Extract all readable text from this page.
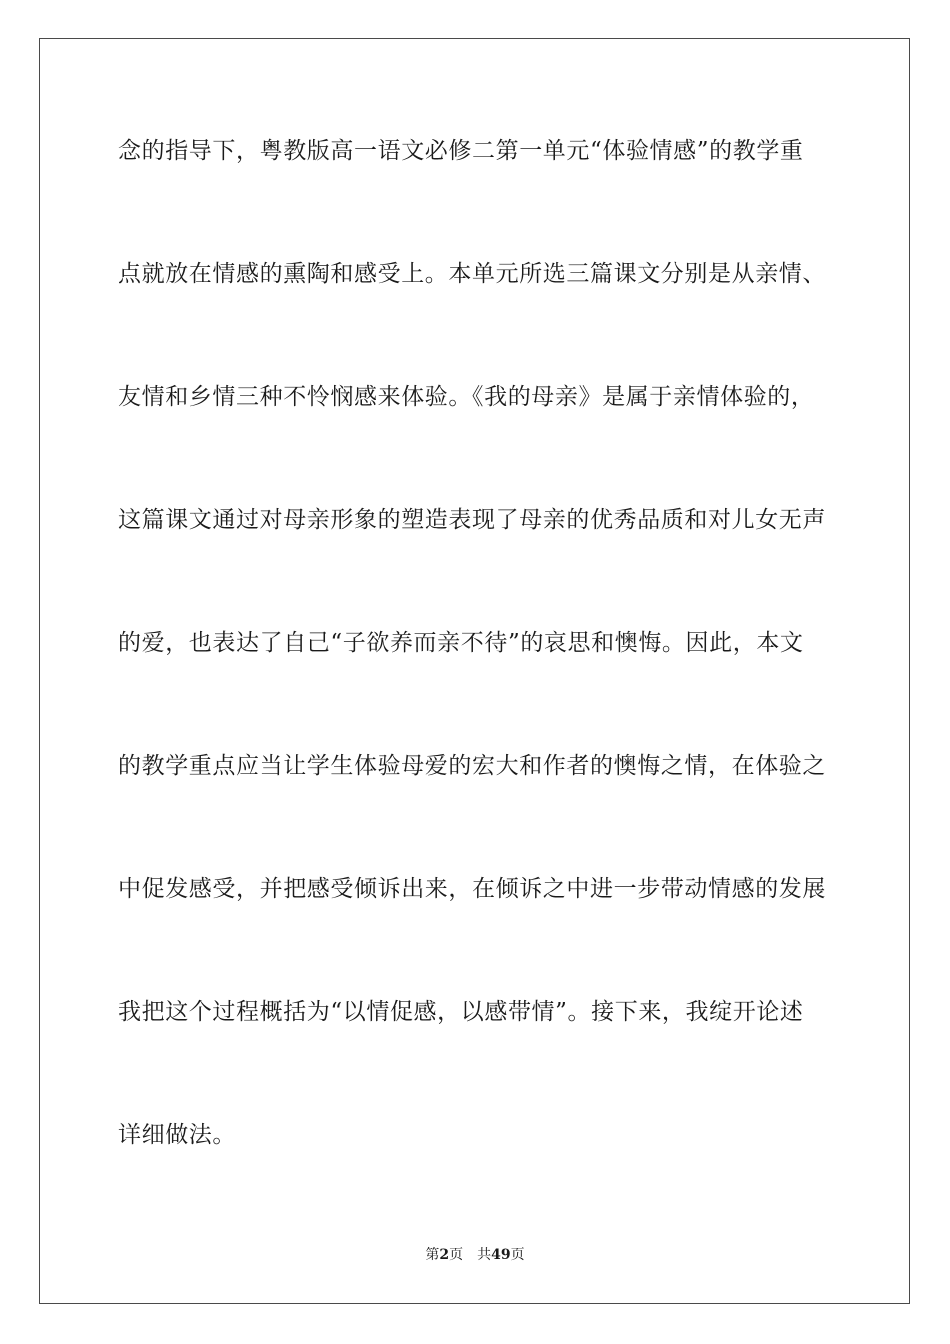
念的指导下，粤教版高一语文必修二第一单元“体验情感”的教学重
点就放在情感的熏陶和感受上。本单元所选三篇课文分别是从亲情、
友情和乡情三种不怜悯感来体验。《我的母亲》是属于亲情体验的，
这篇课文通过对母亲形象的塑造表现了母亲的优秀品质和对儿女无声
的爱，也表达了自己“子欲养而亲不待”的哀思和懊悔。因此，本文
的教学重点应当让学生体验母爱的宏大和作者的懊悔之情，在体验之
中促发感受，并把感受倾诉出来，在倾诉之中进一步带动情感的发展
我把这个过程概括为“以情促感，以感带情”。接下来，我绽开论述
详细做法。
第2页 共49页
